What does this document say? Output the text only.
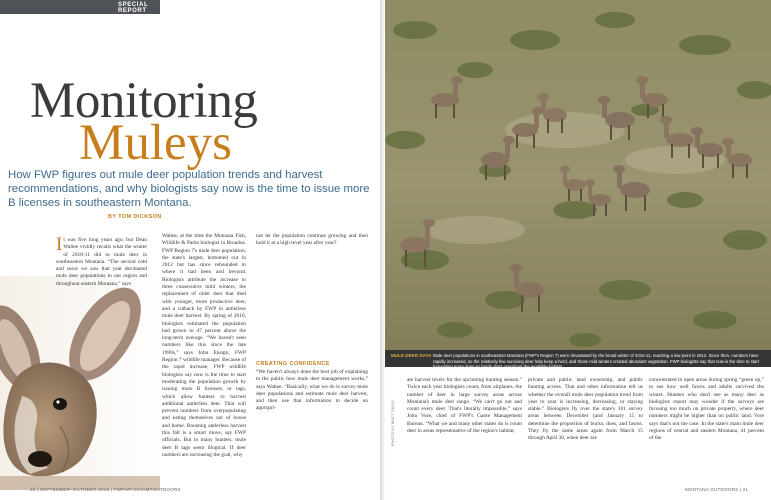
SPECIAL REPORT
Monitoring
Muleys
How FWP figures out mule deer population trends and harvest recommendations, and why biologists say now is the time to issue more B licenses in southeastern Montana.
BY TOM DICKSON
It was five long years ago, but Dean Waltee vividly recalls what the winter of 2010-11 did to mule deer in southeastern Montana. “The second cold and snow we saw that year decimated mule deer populations in our region and throughout eastern Montana,” says
Waltee, at the time the Montana Fish, Wildlife & Parks biologist in Broadus. FWP Region 7's mule deer population, the state's largest, bottomed out in 2012 but has since rebounded to where it had been and beyond. Biologists attribute the increase to three consecutive mild winters, the replacement of older deer that died with younger, more productive deer, and a cutback by FWP in antlerless mule deer harvest. By spring of 2016, biologists estimated the population had grown to 47 percent above the long-term average. “We haven't seen numbers like this since the late 1990s,” says John Ensign, FWP Region 7 wildlife manager. Because of the rapid increase, FWP wildlife biologists say now is the time to start moderating the population growth by issuing more B licenses, or tags, which allow hunters to harvest additional antlerless deer. That will prevent numbers from overpopulating and eating themselves out of house and home. Boosting antlerless harvest this fall is a smart move, say FWP officials. But to many hunters, mule deer B tags seem illogical. If deer numbers are increasing the goal, why
not let the population continue growing and then hold it at a high level year after year?
CREATING CONFIDENCE
“We haven't always done the best job of explaining to the public how mule deer management works,” says Waltee. “Basically, what we do is survey mule deer populations and estimate mule deer harvest, and then use that information to decide on appropri-
20 | SEPTEMBER–OCTOBER 2016 | FWP.MT.GOV/MTOUTDOORS
MULE DEER DATA Mule deer populations in southeastern Montana (FWP's Region 7) were devastated by the brutal winter of 2010-11, reaching a low point in 2012. Since then, numbers have rapidly increased, so the relatively few surviving deer help keep a herd, and those mild winters created abundant vegetation. FWP biologists say that now is the time to start harvesting more does so herds don't overshoot the available habitat.
PHOTO BY MATT DAVIS
ate harvest levels for the upcoming hunting season.” Twice each year biologists count, from airplanes, the number of deer in large survey areas across Montana's mule deer range. “We can't go out and count every deer. That's literally impossible,” says John Vore, chief of FWP's Game Management Bureau. “What we and many other states do is count deer in areas representative of the region's habitat,
private and public land ownership, and public hunting access. That and other information tell us whether the overall mule deer population trend from year to year is increasing, decreasing, or staying stable.” Biologists fly over the state's 101 survey areas between December (and January 15 to determine the proportion of bucks, does, and fawns. They fly the same areas again from March 15 through April 30, when deer are
concentrated in open areas during spring “green up,” to see how well fawns and adults survived the winter. Hunters who don't see as many deer as biologists report may wonder if the surveys are focusing too much on private property, where deer numbers might be higher than on public land. Vore says that's not the case. In the state's main mule deer regions of central and eastern Montana, 41 percent of the
MONTANA OUTDOORS | 21
